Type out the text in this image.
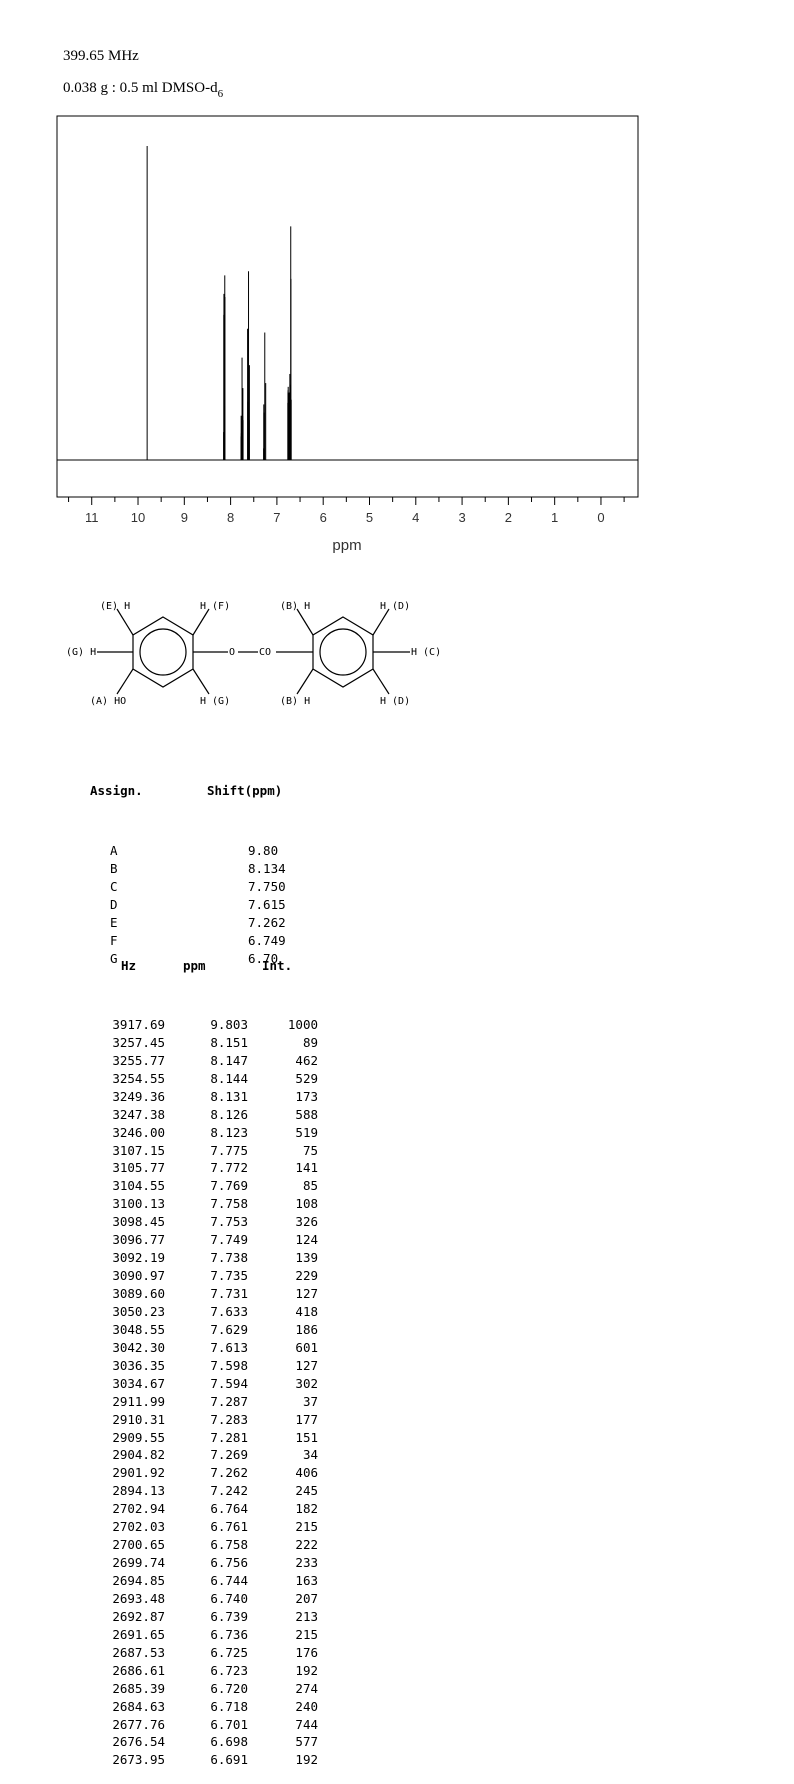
399.65 MHz
0.038 g : 0.5 ml DMSO-$d_6$
11 10	9	8	7	6	5	4	3	2	1	0
ppm
(E) H	H (F)	(B) H	H (D)
(G) H	O CO	H (C)
(A) HO	H (G)	(B) H	H (D)

Assign.

	Shift(ppm)

A	9.80
B	8.134
C	7.750
D	7.615
E	7.262
F	6.749
G	6.70

Hz

	ppm

	Int.

3917.69	9.803	1000
3257.45	8.151	89
3255.77	8.147	462
3254.55	8.144	529
3249.36	8.131	173
3247.38	8.126	588
3246.00	8.123	519
3107.15	7.775	75
3105.77	7.772	141
3104.55	7.769	85
3100.13	7.758	108
3098.45	7.753	326
3096.77	7.749	124
3092.19	7.738	139
3090.97	7.735	229
3089.60	7.731	127
3050.23	7.633	418
3048.55	7.629	186
3042.30	7.613	601
3036.35	7.598	127
3034.67	7.594	302
2911.99	7.287	37
2910.31	7.283	177
2909.55	7.281	151
2904.82	7.269	34
2901.92	7.262	406
2894.13	7.242	245
2702.94	6.764	182
2702.03	6.761	215
2700.65	6.758	222
2699.74	6.756	233
2694.85	6.744	163
2693.48	6.740	207
2692.87	6.739	213
2691.65	6.736	215
2687.53	6.725	176
2686.61	6.723	192
2685.39	6.720	274
2684.63	6.718	240
2677.76	6.701	744
2676.54	6.698	577
2673.95	6.691	192
